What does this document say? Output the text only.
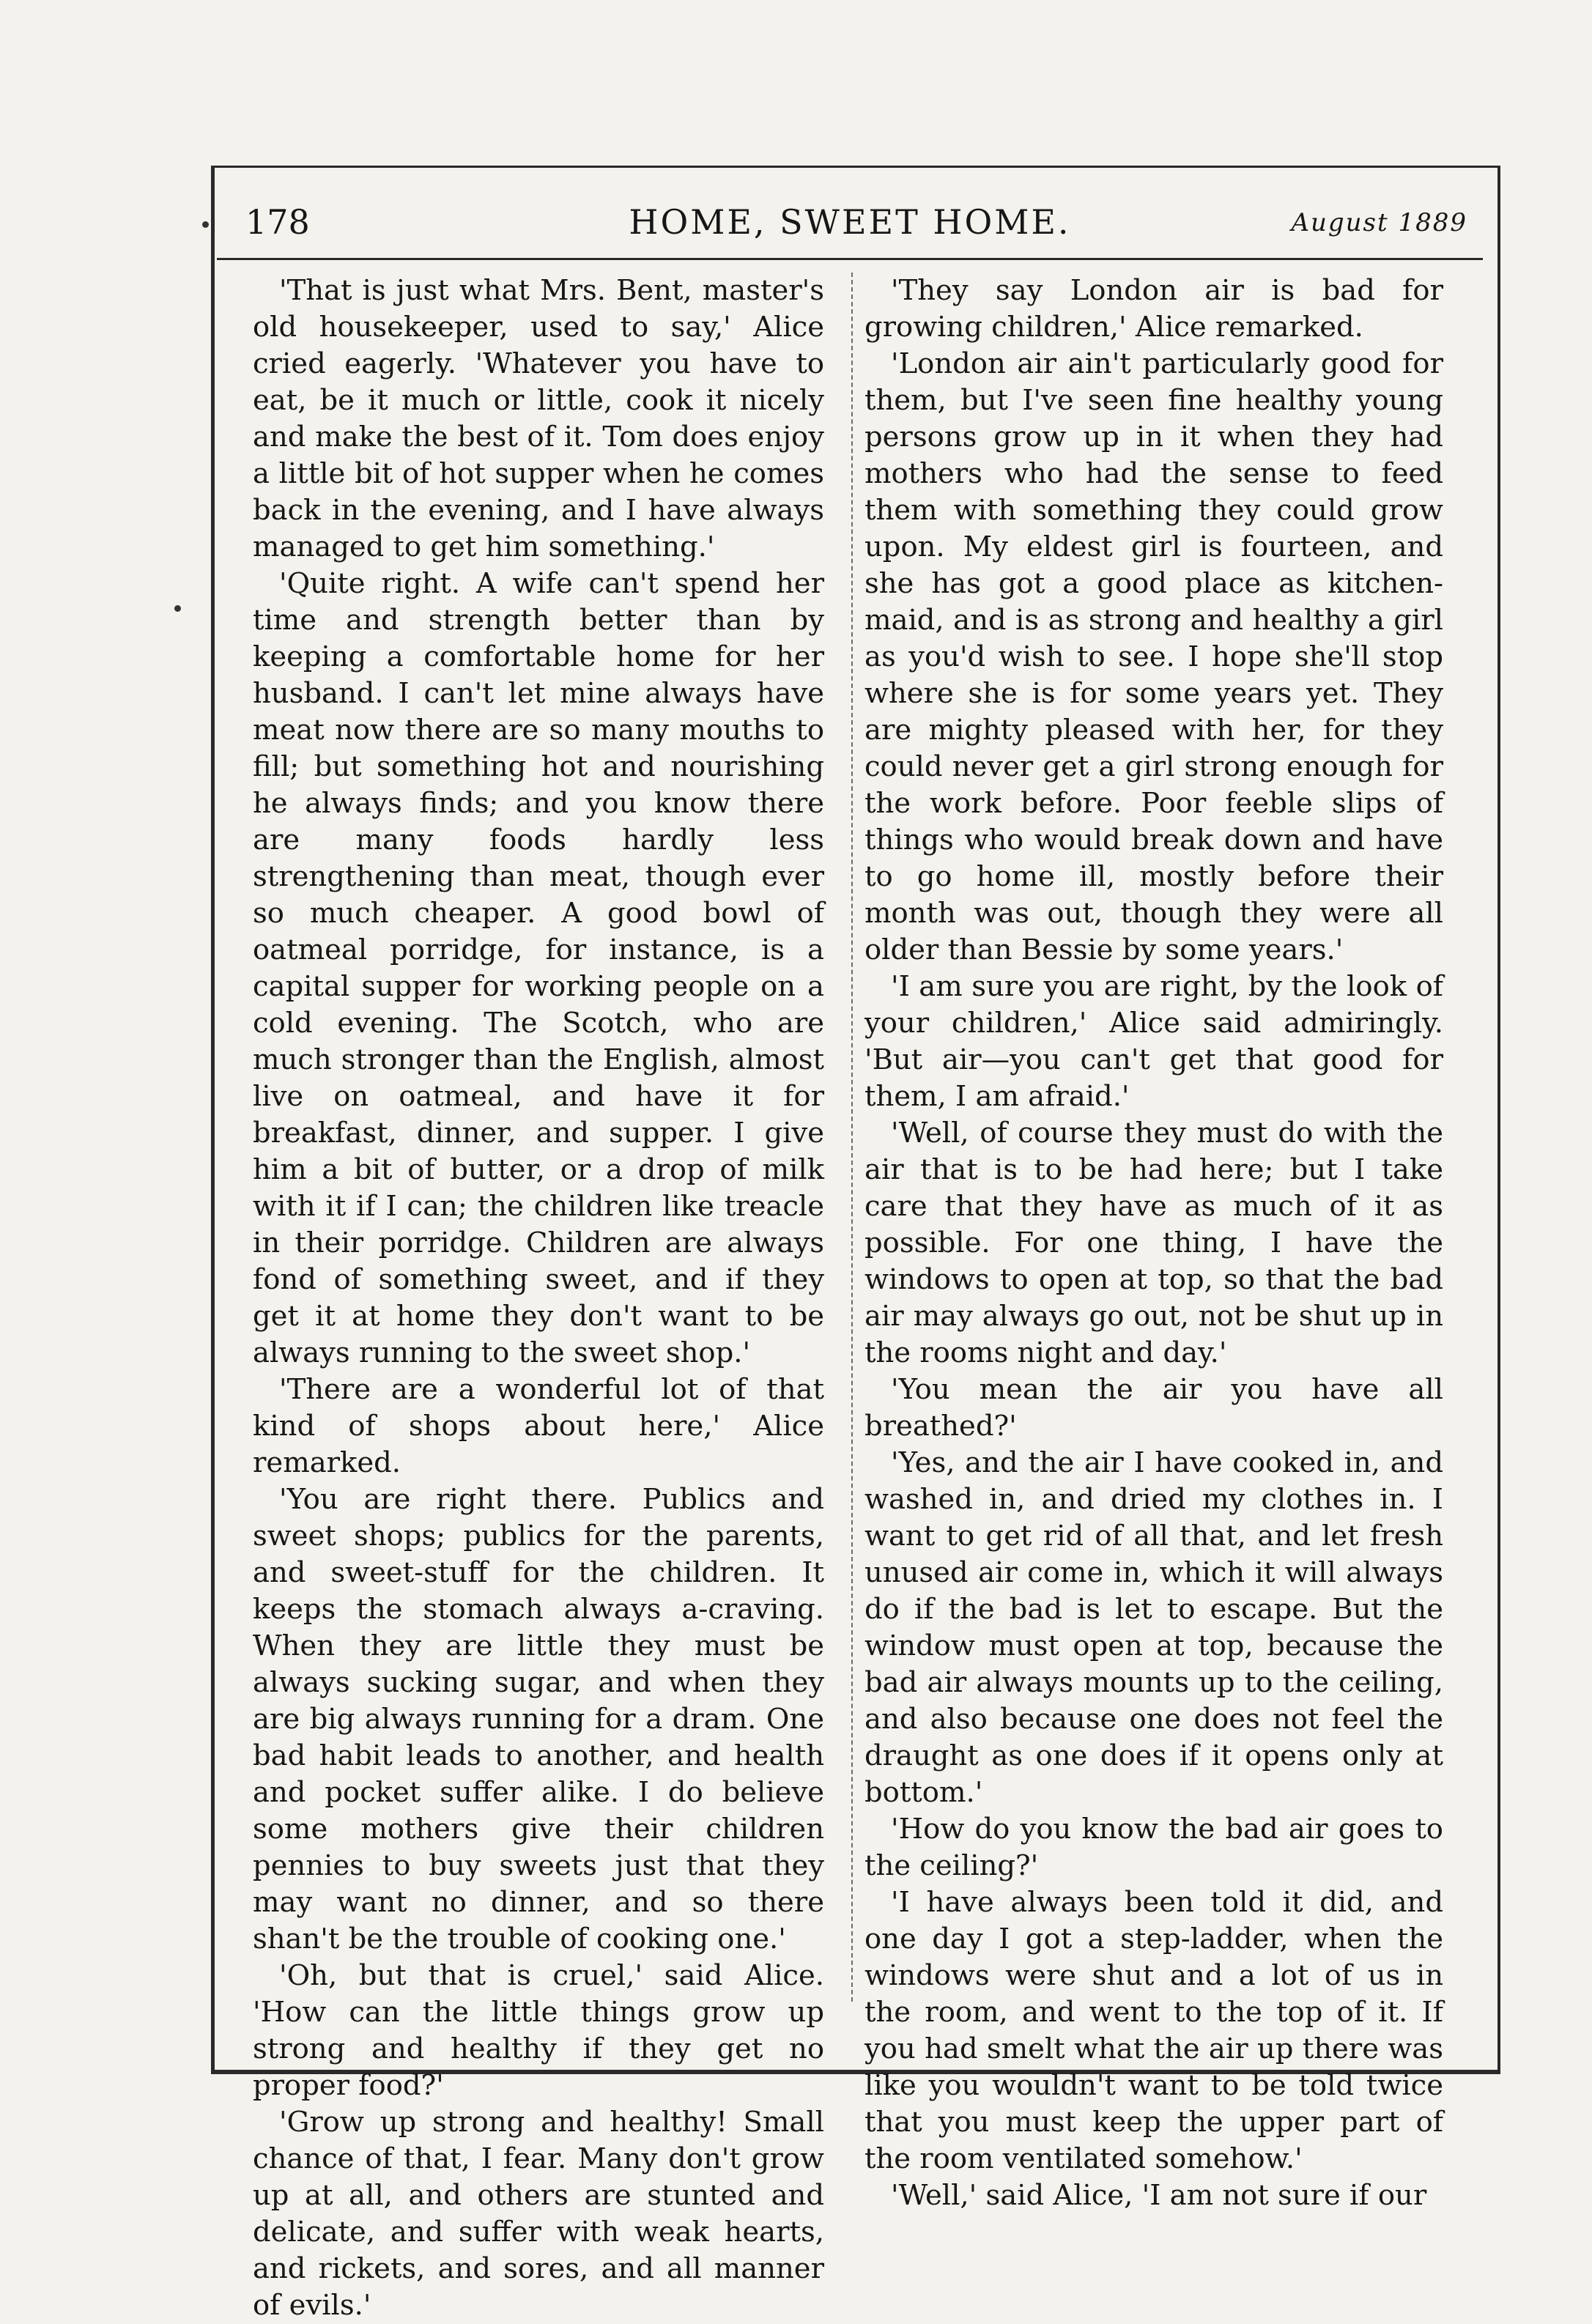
178	HOME, SWEET HOME.	August 1889

'That is just what Mrs. Bent, master's old housekeeper, used to say,' Alice cried eagerly. 'Whatever you have to eat, be it much or little, cook it nicely and make the best of it. Tom does enjoy a little bit of hot supper when he comes back in the evening, and I have always managed to get him something.'

'Quite right. A wife can't spend her time and strength better than by keeping a comfortable home for her husband. I can't let mine always have meat now there are so many mouths to fill; but something hot and nourishing he always finds; and you know there are many foods hardly less strengthening than meat, though ever so much cheaper. A good bowl of oatmeal porridge, for instance, is a capital supper for working people on a cold evening. The Scotch, who are much stronger than the English, almost live on oatmeal, and have it for breakfast, dinner, and supper. I give him a bit of butter, or a drop of milk with it if I can; the children like treacle in their porridge. Children are always fond of something sweet, and if they get it at home they don't want to be always running to the sweet shop.'

'There are a wonderful lot of that kind of shops about here,' Alice remarked.

'You are right there. Publics and sweet shops; publics for the parents, and sweet-stuff for the children. It keeps the stomach always a-craving. When they are little they must be always sucking sugar, and when they are big always running for a dram. One bad habit leads to another, and health and pocket suffer alike. I do believe some mothers give their children pennies to buy sweets just that they may want no dinner, and so there shan't be the trouble of cooking one.'

'Oh, but that is cruel,' said Alice. 'How can the little things grow up strong and healthy if they get no proper food?'

'Grow up strong and healthy! Small chance of that, I fear. Many don't grow up at all, and others are stunted and delicate, and suffer with weak hearts, and rickets, and sores, and all manner of evils.'

'They say London air is bad for growing children,' Alice remarked.

'London air ain't particularly good for them, but I've seen fine healthy young persons grow up in it when they had mothers who had the sense to feed them with something they could grow upon. My eldest girl is fourteen, and she has got a good place as kitchen-maid, and is as strong and healthy a girl as you'd wish to see. I hope she'll stop where she is for some years yet. They are mighty pleased with her, for they could never get a girl strong enough for the work before. Poor feeble slips of things who would break down and have to go home ill, mostly before their month was out, though they were all older than Bessie by some years.'

'I am sure you are right, by the look of your children,' Alice said admiringly. 'But air—you can't get that good for them, I am afraid.'

'Well, of course they must do with the air that is to be had here; but I take care that they have as much of it as possible. For one thing, I have the windows to open at top, so that the bad air may always go out, not be shut up in the rooms night and day.'

'You mean the air you have all breathed?'

'Yes, and the air I have cooked in, and washed in, and dried my clothes in. I want to get rid of all that, and let fresh unused air come in, which it will always do if the bad is let to escape. But the window must open at top, because the bad air always mounts up to the ceiling, and also because one does not feel the draught as one does if it opens only at bottom.'

'How do you know the bad air goes to the ceiling?'

'I have always been told it did, and one day I got a step-ladder, when the windows were shut and a lot of us in the room, and went to the top of it. If you had smelt what the air up there was like you wouldn't want to be told twice that you must keep the upper part of the room ventilated somehow.'

'Well,' said Alice, 'I am not sure if our
